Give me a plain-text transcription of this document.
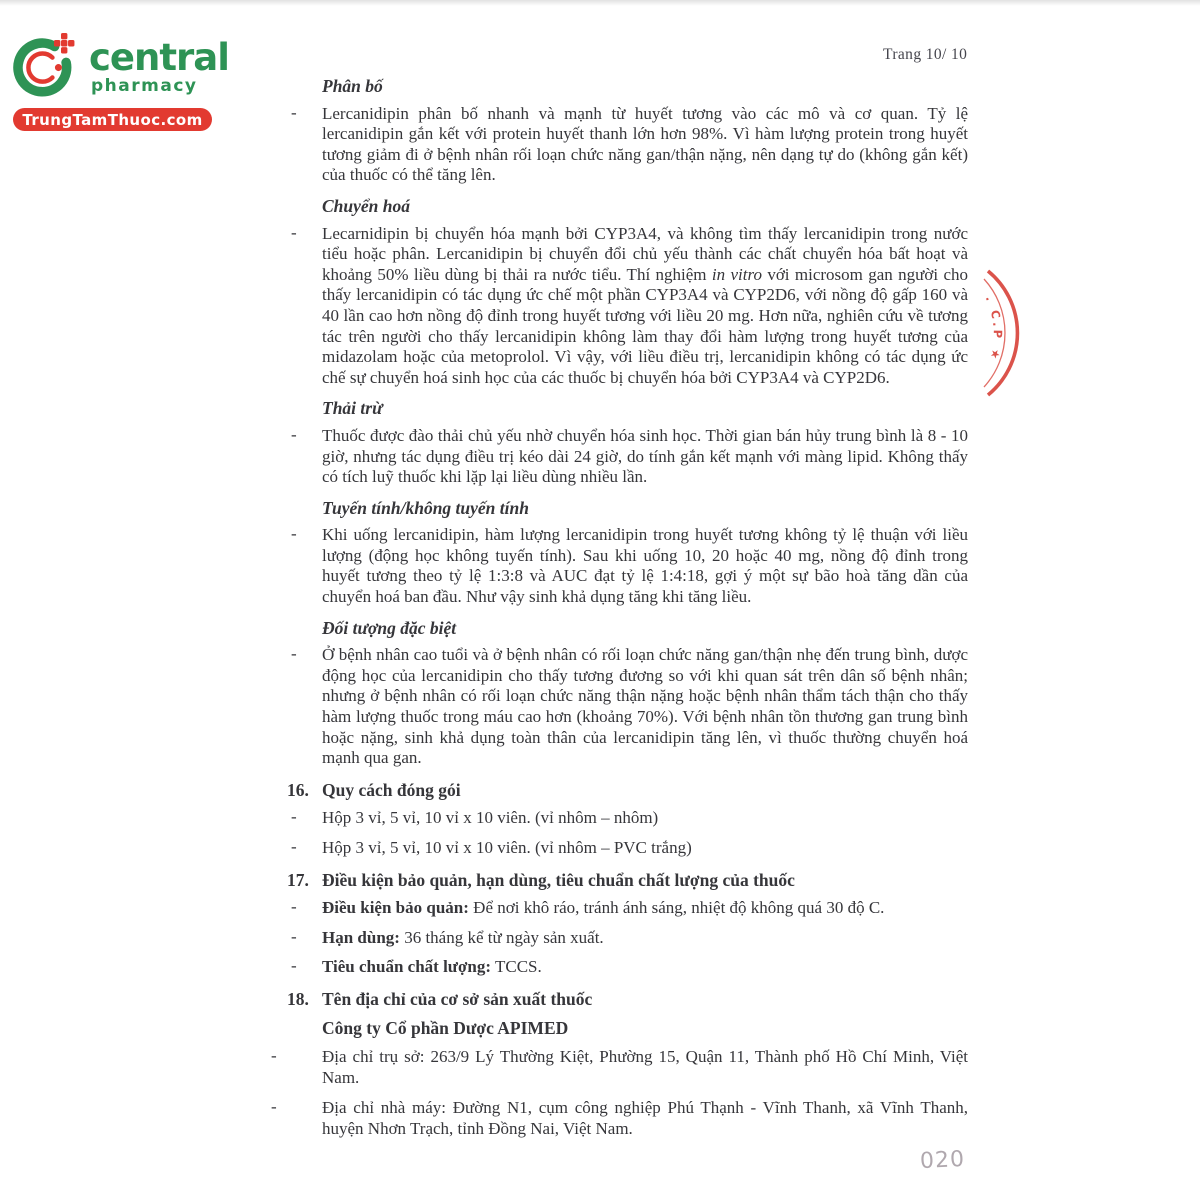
central
pharmacy
TrungTamThuoc.com
Trang 10/ 10
Phân bố
- Lercanidipin phân bố nhanh và mạnh từ huyết tương vào các mô và cơ quan. Tỷ lệ lercanidipin gắn kết với protein huyết thanh lớn hơn 98%. Vì hàm lượng protein trong huyết tương giảm đi ở bệnh nhân rối loạn chức năng gan/thận nặng, nên dạng tự do (không gắn kết) của thuốc có thể tăng lên.
Chuyển hoá
- Lecarnidipin bị chuyển hóa mạnh bởi CYP3A4, và không tìm thấy lercanidipin trong nước tiểu hoặc phân. Lercanidipin bị chuyển đổi chủ yếu thành các chất chuyển hóa bất hoạt và khoảng 50% liều dùng bị thải ra nước tiểu. Thí nghiệm in vitro với microsom gan người cho thấy lercanidipin có tác dụng ức chế một phần CYP3A4 và CYP2D6, với nồng độ gấp 160 và 40 lần cao hơn nồng độ đỉnh trong huyết tương với liều 20 mg. Hơn nữa, nghiên cứu về tương tác trên người cho thấy lercanidipin không làm thay đổi hàm lượng trong huyết tương của midazolam hoặc của metoprolol. Vì vậy, với liều điều trị, lercanidipin không có tác dụng ức chế sự chuyển hoá sinh học của các thuốc bị chuyển hóa bởi CYP3A4 và CYP2D6.
Thải trừ
- Thuốc được đào thải chủ yếu nhờ chuyển hóa sinh học. Thời gian bán hủy trung bình là 8 - 10 giờ, nhưng tác dụng điều trị kéo dài 24 giờ, do tính gắn kết mạnh với màng lipid. Không thấy có tích luỹ thuốc khi lặp lại liều dùng nhiều lần.
Tuyến tính/không tuyến tính
- Khi uống lercanidipin, hàm lượng lercanidipin trong huyết tương không tỷ lệ thuận với liều lượng (động học không tuyến tính). Sau khi uống 10, 20 hoặc 40 mg, nồng độ đỉnh trong huyết tương theo tỷ lệ 1:3:8 và AUC đạt tỷ lệ 1:4:18, gợi ý một sự bão hoà tăng dần của chuyển hoá ban đầu. Như vậy sinh khả dụng tăng khi tăng liều.
Đối tượng đặc biệt
- Ở bệnh nhân cao tuổi và ở bệnh nhân có rối loạn chức năng gan/thận nhẹ đến trung bình, dược động học của lercanidipin cho thấy tương đương so với khi quan sát trên dân số bệnh nhân; nhưng ở bệnh nhân có rối loạn chức năng thận nặng hoặc bệnh nhân thẩm tách thận cho thấy hàm lượng thuốc trong máu cao hơn (khoảng 70%). Với bệnh nhân tồn thương gan trung bình hoặc nặng, sinh khả dụng toàn thân của lercanidipin tăng lên, vì thuốc thường chuyển hoá mạnh qua gan.
16. Quy cách đóng gói
- Hộp 3 vỉ, 5 vỉ, 10 vỉ x 10 viên. (vỉ nhôm – nhôm)
- Hộp 3 vỉ, 5 vỉ, 10 vỉ x 10 viên. (vỉ nhôm – PVC trắng)
17. Điều kiện bảo quản, hạn dùng, tiêu chuẩn chất lượng của thuốc
- Điều kiện bảo quản: Để nơi khô ráo, tránh ánh sáng, nhiệt độ không quá 30 độ C.
- Hạn dùng: 36 tháng kể từ ngày sản xuất.
- Tiêu chuẩn chất lượng: TCCS.
18. Tên địa chỉ của cơ sở sản xuất thuốc
Công ty Cổ phần Dược APIMED
-	Địa chỉ trụ sở: 263/9 Lý Thường Kiệt, Phường 15, Quận 11, Thành phố Hồ Chí Minh, Việt Nam.
-	Địa chỉ nhà máy: Đường N1, cụm công nghiệp Phú Thạnh - Vĩnh Thanh, xã Vĩnh Thanh, huyện Nhơn Trạch, tỉnh Đồng Nai, Việt Nam.
. C.P ★
020
